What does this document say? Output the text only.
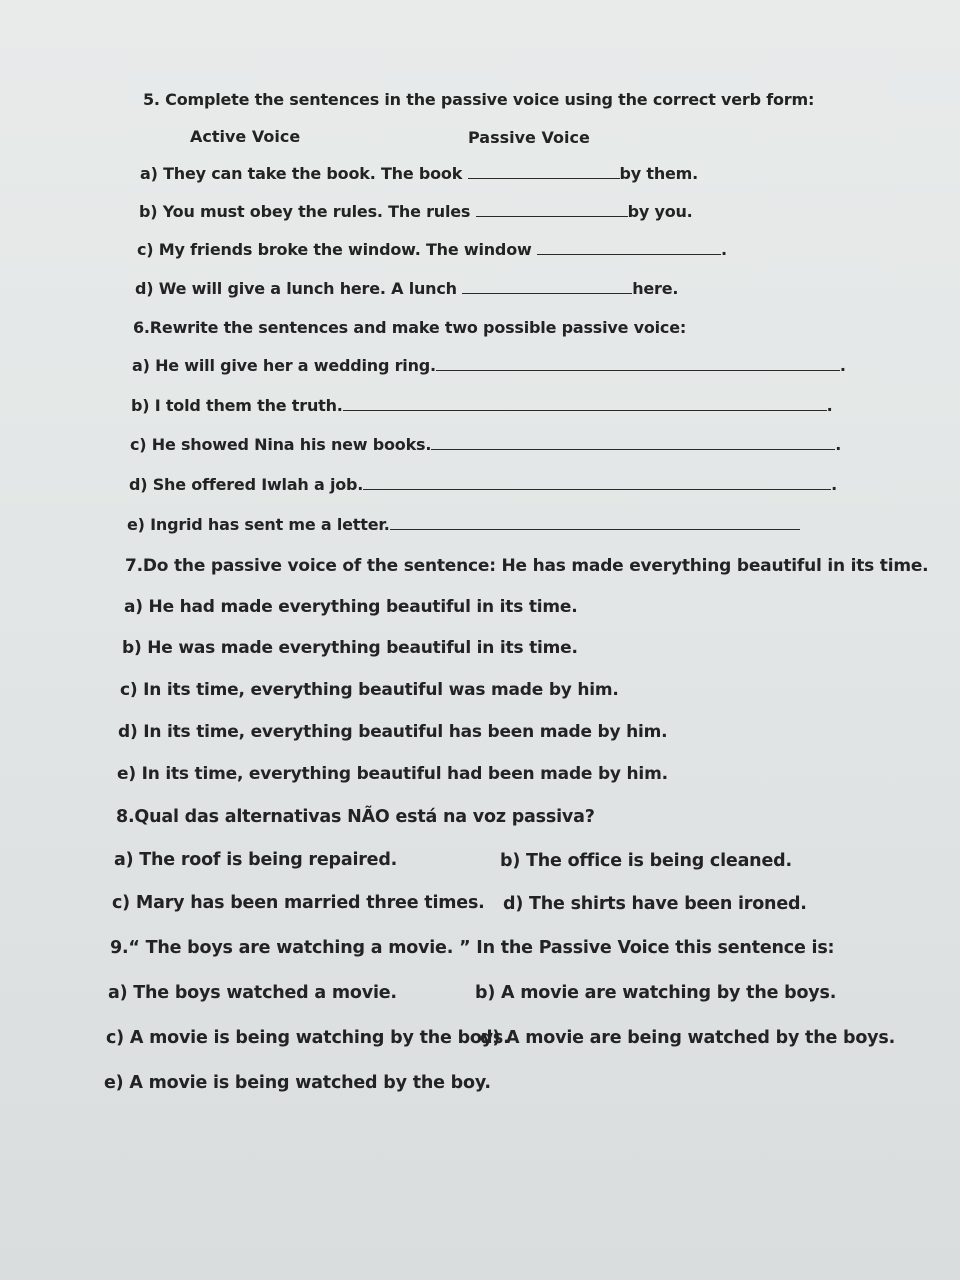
5. Complete the sentences in the passive voice using the correct verb form:
Active Voice	Passive Voice
a) They can take the book. The book	by them.
b) You must obey the rules. The rules	by you.
c) My friends broke the window. The window	.
d) We will give a lunch here. A lunch	here.
6.Rewrite the sentences and make two possible passive voice:
a) He will give her a wedding ring.	.
b) I told them the truth.	.
c) He showed Nina his new books.	.
d) She offered Iwlah a job.	.
e) Ingrid has sent me a letter.
7.Do the passive voice of the sentence: He has made everything beautiful in its time.
a) He had made everything beautiful in its time.
b) He was made everything beautiful in its time.
c) In its time, everything beautiful was made by him.
d) In its time, everything beautiful has been made by him.
e) In its time, everything beautiful had been made by him.
8.Qual das alternativas NÃO está na voz passiva?
a) The roof is being repaired.	b) The office is being cleaned.
c) Mary has been married three times. d) The shirts have been ironed.
9.“ The boys are watching a movie. ” In the Passive Voice this sentence is:
a) The boys watched a movie.	b) A movie are watching by the boys.
c) A movie is being watching by the boys.
d) A movie are being watched by the boys.
e) A movie is being watched by the boy.
